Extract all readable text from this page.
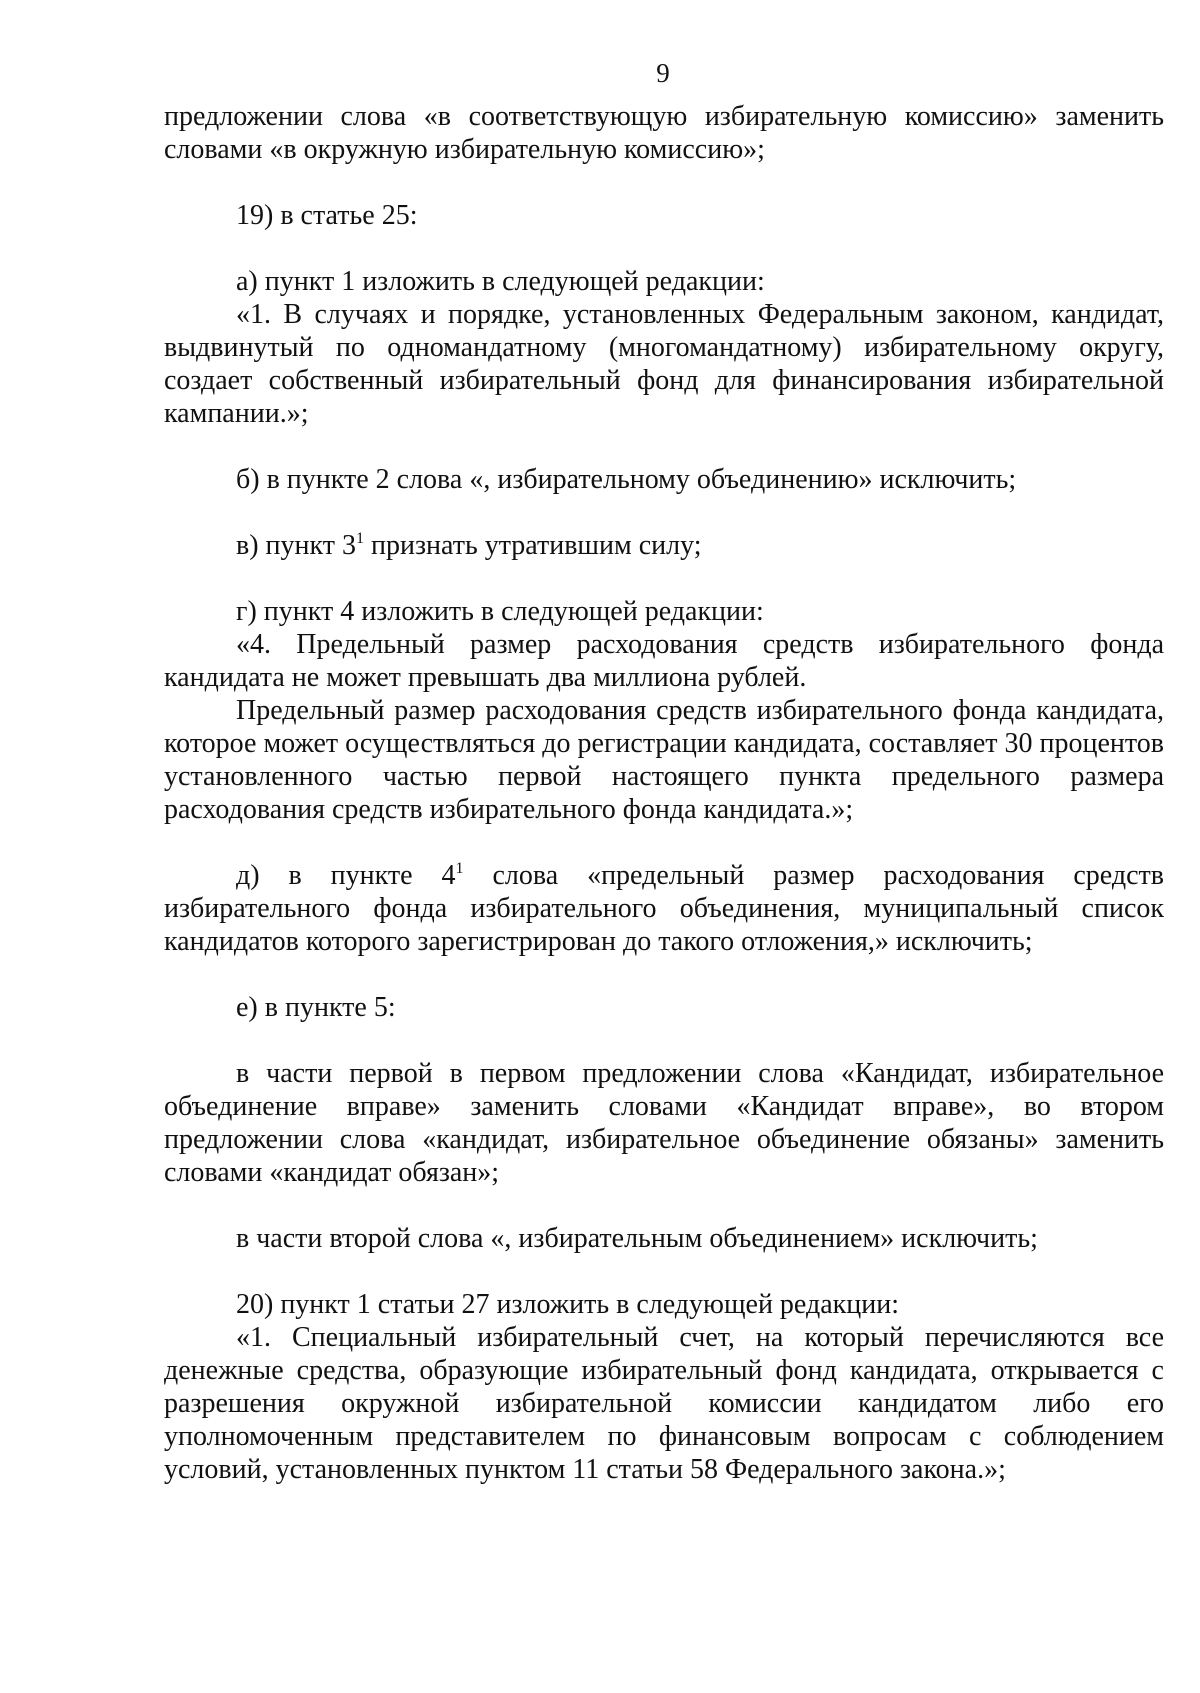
9

предложении слова «в соответствующую избирательную комиссию» заменить словами «в окружную избирательную комиссию»;

19) в статье 25:

а) пункт 1 изложить в следующей редакции:

«1. В случаях и порядке, установленных Федеральным законом, кандидат, выдвинутый по одномандатному (многомандатному) избирательному округу, создает собственный избирательный фонд для финансирования избирательной кампании.»;

б) в пункте 2 слова «, избирательному объединению» исключить;

в) пункт $3^1$ признать утратившим силу;

г) пункт 4 изложить в следующей редакции:

«4. Предельный размер расходования средств избирательного фонда кандидата не может превышать два миллиона рублей.

Предельный размер расходования средств избирательного фонда кандидата, которое может осуществляться до регистрации кандидата, составляет 30 процентов установленного частью первой настоящего пункта предельного размера расходования средств избирательного фонда кандидата.»;

д) в пункте $4^1$ слова «предельный размер расходования средств избирательного фонда избирательного объединения, муниципальный список кандидатов которого зарегистрирован до такого отложения,» исключить;

е) в пункте 5:

в части первой в первом предложении слова «Кандидат, избирательное объединение вправе» заменить словами «Кандидат вправе», во втором предложении слова «кандидат, избирательное объединение обязаны» заменить словами «кандидат обязан»;

в части второй слова «, избирательным объединением» исключить;

20) пункт 1 статьи 27 изложить в следующей редакции:

«1. Специальный избирательный счет, на который перечисляются все денежные средства, образующие избирательный фонд кандидата, открывается с разрешения окружной избирательной комиссии кандидатом либо его уполномоченным представителем по финансовым вопросам с соблюдением условий, установленных пунктом 11 статьи 58 Федерального закона.»;
